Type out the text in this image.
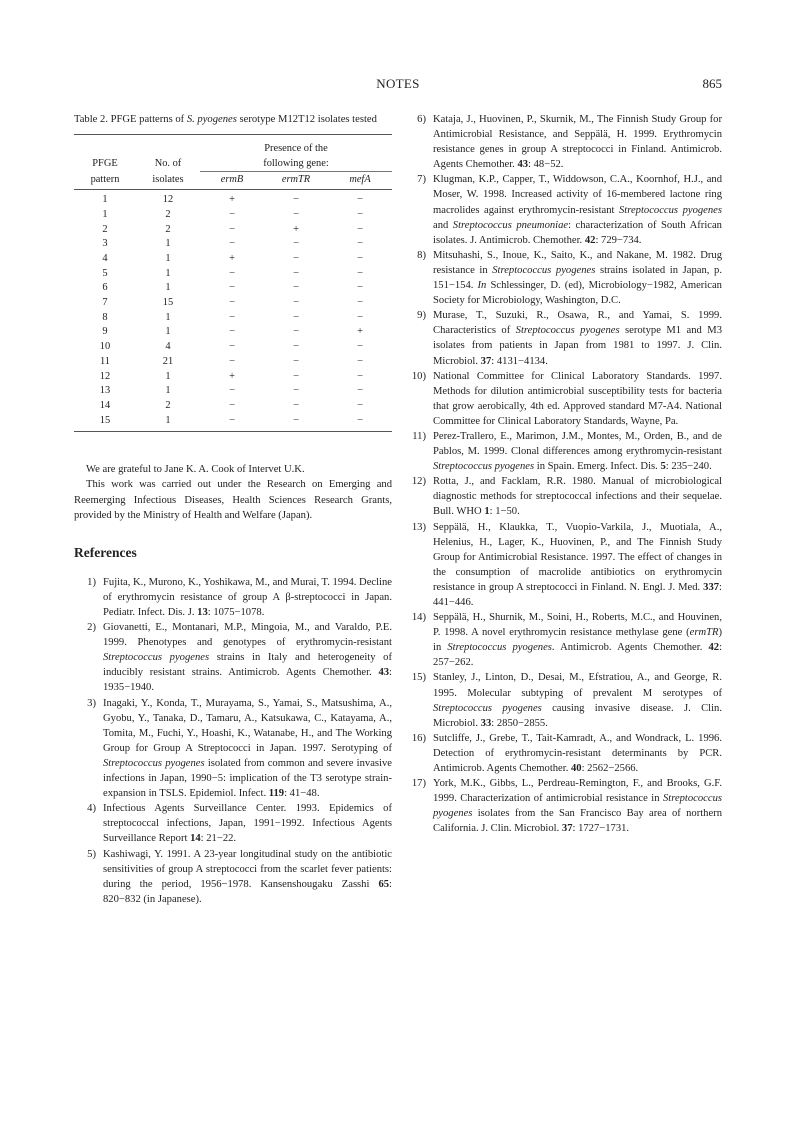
NOTES	865

Table 2. PFGE patterns of S. pyogenes serotype M12T12 isolates tested

		Presence of the		
PFGE	No. of	following gene:		
pattern	isolates	ermB	ermTR	mefA
1	12	+	−	−
1	2	−	−	−
2	2	−	+	−
3	1	−	−	−
4	1	+	−	−
5	1	−	−	−
6	1	−	−	−
7	15	−	−	−
8	1	−	−	−
9	1	−	−	+
10	4	−	−	−
11	21	−	−	−
12	1	+	−	−
13	1	−	−	−
14	2	−	−	−
15	1	−	−	−

We are grateful to Jane K. A. Cook of Intervet U.K.

This work was carried out under the Research on Emerging and Reemerging Infectious Diseases, Health Sciences Research Grants, provided by the Ministry of Health and Welfare (Japan).

References
1) Fujita, K., Murono, K., Yoshikawa, M., and Murai, T. 1994. Decline of erythromycin resistance of group A β-streptococci in Japan. Pediatr. Infect. Dis. J. 13: 1075−1078.
2) Giovanetti, E., Montanari, M.P., Mingoia, M., and Varaldo, P.E. 1999. Phenotypes and genotypes of erythromycin-resistant Streptococcus pyogenes strains in Italy and heterogeneity of inducibly resistant strains. Antimicrob. Agents Chemother. 43: 1935−1940.
3) Inagaki, Y., Konda, T., Murayama, S., Yamai, S., Matsushima, A., Gyobu, Y., Tanaka, D., Tamaru, A., Katsukawa, C., Katayama, A., Tomita, M., Fuchi, Y., Hoashi, K., Watanabe, H., and The Working Group for Group A Streptococci in Japan. 1997. Serotyping of Streptococcus pyogenes isolated from common and severe invasive infections in Japan, 1990−5: implication of the T3 serotype strain-expansion in TSLS. Epidemiol. Infect. 119: 41−48.
4) Infectious Agents Surveillance Center. 1993. Epidemics of streptococcal infections, Japan, 1991−1992. Infectious Agents Surveillance Report 14: 21−22.
5) Kashiwagi, Y. 1991. A 23-year longitudinal study on the antibiotic sensitivities of group A streptococci from the scarlet fever patients: during the period, 1956−1978. Kansenshougaku Zasshi 65: 820−832 (in Japanese).
6) Kataja, J., Huovinen, P., Skurnik, M., The Finnish Study Group for Antimicrobial Resistance, and Seppälä, H. 1999. Erythromycin resistance genes in group A streptococci in Finland. Antimicrob. Agents Chemother. 43: 48−52.
7) Klugman, K.P., Capper, T., Widdowson, C.A., Koornhof, H.J., and Moser, W. 1998. Increased activity of 16-membered lactone ring macrolides against erythromycin-resistant Streptococcus pyogenes and Streptococcus pneumoniae: characterization of South African isolates. J. Antimicrob. Chemother. 42: 729−734.
8) Mitsuhashi, S., Inoue, K., Saito, K., and Nakane, M. 1982. Drug resistance in Streptococcus pyogenes strains isolated in Japan, p. 151−154. In Schlessinger, D. (ed), Microbiology−1982, American Society for Microbiology, Washington, D.C.
9) Murase, T., Suzuki, R., Osawa, R., and Yamai, S. 1999. Characteristics of Streptococcus pyogenes serotype M1 and M3 isolates from patients in Japan from 1981 to 1997. J. Clin. Microbiol. 37: 4131−4134.
10) National Committee for Clinical Laboratory Standards. 1997. Methods for dilution antimicrobial susceptibility tests for bacteria that grow aerobically, 4th ed. Approved standard M7-A4. National Committee for Clinical Laboratory Standards, Wayne, Pa.
11) Perez-Trallero, E., Marimon, J.M., Montes, M., Orden, B., and de Pablos, M. 1999. Clonal differences among erythromycin-resistant Streptococcus pyogenes in Spain. Emerg. Infect. Dis. 5: 235−240.
12) Rotta, J., and Facklam, R.R. 1980. Manual of microbiological diagnostic methods for streptococcal infections and their sequelae. Bull. WHO 1: 1−50.
13) Seppälä, H., Klaukka, T., Vuopio-Varkila, J., Muotiala, A., Helenius, H., Lager, K., Huovinen, P., and The Finnish Study Group for Antimicrobial Resistance. 1997. The effect of changes in the consumption of macrolide antibiotics on erythromycin resistance in group A streptococci in Finland. N. Engl. J. Med. 337: 441−446.
14) Seppälä, H., Shurnik, M., Soini, H., Roberts, M.C., and Houvinen, P. 1998. A novel erythromycin resistance methylase gene (ermTR) in Streptococcus pyogenes. Antimicrob. Agents Chemother. 42: 257−262.
15) Stanley, J., Linton, D., Desai, M., Efstratiou, A., and George, R. 1995. Molecular subtyping of prevalent M serotypes of Streptococcus pyogenes causing invasive disease. J. Clin. Microbiol. 33: 2850−2855.
16) Sutcliffe, J., Grebe, T., Tait-Kamradt, A., and Wondrack, L. 1996. Detection of erythromycin-resistant determinants by PCR. Antimicrob. Agents Chemother. 40: 2562−2566.
17) York, M.K., Gibbs, L., Perdreau-Remington, F., and Brooks, G.F. 1999. Characterization of antimicrobial resistance in Streptococcus pyogenes isolates from the San Francisco Bay area of northern California. J. Clin. Microbiol. 37: 1727−1731.
